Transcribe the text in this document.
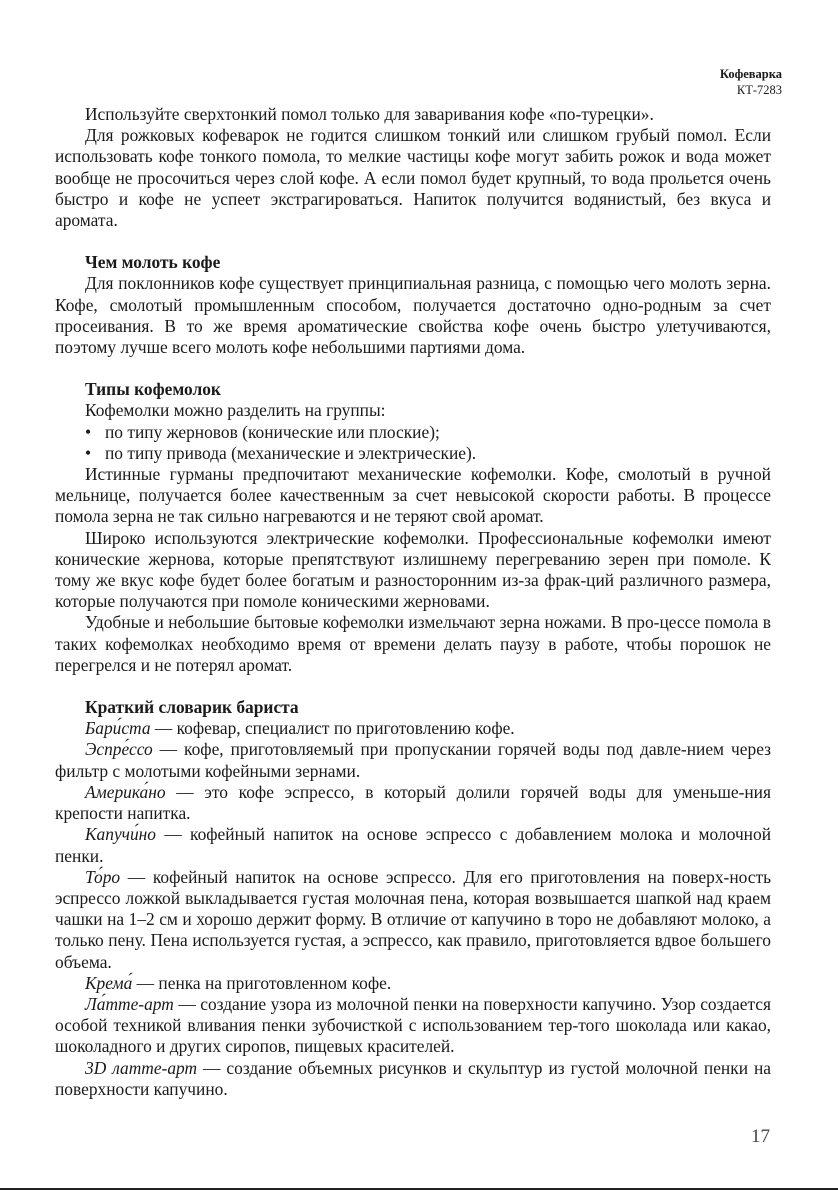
Кофеварка
КТ-7283

Используйте сверхтонкий помол только для заваривания кофе «по-турецки».

Для рожковых кофеварок не годится слишком тонкий или слишком грубый помол. Если использовать кофе тонкого помола, то мелкие частицы кофе могут забить рожок и вода может вообще не просочиться через слой кофе. А если помол будет крупный, то вода прольется очень быстро и кофе не успеет экстрагироваться. Напиток получится водянистый, без вкуса и аромата.

Чем молоть кофе

Для поклонников кофе существует принципиальная разница, с помощью чего молоть зерна. Кофе, смолотый промышленным способом, получается достаточно одно-родным за счет просеивания. В то же время ароматические свойства кофе очень быстро улетучиваются, поэтому лучше всего молоть кофе небольшими партиями дома.

Типы кофемолок

Кофемолки можно разделить на группы:

• по типу жерновов (конические или плоские);
• по типу привода (механические и электрические).

Истинные гурманы предпочитают механические кофемолки. Кофе, смолотый в ручной мельнице, получается более качественным за счет невысокой скорости работы. В процессе помола зерна не так сильно нагреваются и не теряют свой аромат.

Широко используются электрические кофемолки. Профессиональные кофемолки имеют конические жернова, которые препятствуют излишнему перегреванию зерен при помоле. К тому же вкус кофе будет более богатым и разносторонним из-за фрак-ций различного размера, которые получаются при помоле коническими жерновами.

Удобные и небольшие бытовые кофемолки измельчают зерна ножами. В про-цессе помола в таких кофемолках необходимо время от времени делать паузу в работе, чтобы порошок не перегрелся и не потерял аромат.

Краткий словарик бариста

Бари́ста — кофевар, специалист по приготовлению кофе.

Эспре́ссо — кофе, приготовляемый при пропускании горячей воды под давле-нием через фильтр с молотыми кофейными зернами.

Америка́но — это кофе эспрессо, в который долили горячей воды для уменьше-ния крепости напитка.

Капучи́но — кофейный напиток на основе эспрессо с добавлением молока и молочной пенки.

То́ро — кофейный напиток на основе эспрессо. Для его приготовления на поверх-ность эспрессо ложкой выкладывается густая молочная пена, которая возвышается шапкой над краем чашки на 1–2 см и хорошо держит форму. В отличие от капучино в торо не добавляют молоко, а только пену. Пена используется густая, а эспрессо, как правило, приготовляется вдвое большего объема.

Крема́ — пенка на приготовленном кофе.

Ла́тте-арт — создание узора из молочной пенки на поверхности капучино. Узор создается особой техникой вливания пенки зубочисткой с использованием тер-того шоколада или какао, шоколадного и других сиропов, пищевых красителей.

3D латте-арт — создание объемных рисунков и скульптур из густой молочной пенки на поверхности капучино.

17
